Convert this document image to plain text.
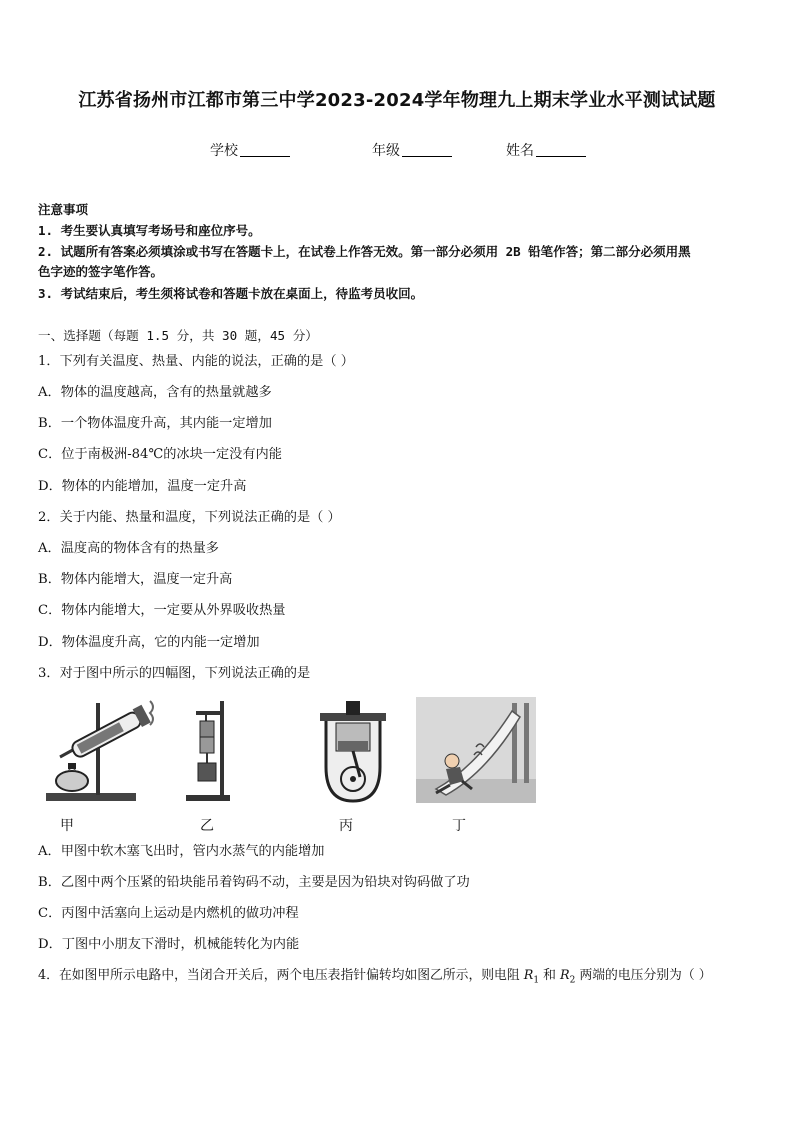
江苏省扬州市江都市第三中学2023-2024学年物理九上期末学业水平测试试题
学校	年级	姓名
注意事项
1. 考生要认真填写考场号和座位序号。
2. 试题所有答案必须填涂或书写在答题卡上，在试卷上作答无效。第一部分必须用 2B 铅笔作答；第二部分必须用黑
色字迹的签字笔作答。
3. 考试结束后，考生须将试卷和答题卡放在桌面上，待监考员收回。
一、选择题（每题 1.5 分，共 30 题，45 分）
1．下列有关温度、热量、内能的说法，正确的是（ ）
A．物体的温度越高，含有的热量就越多
B．一个物体温度升高，其内能一定增加
C．位于南极洲-84℃的冰块一定没有内能
D．物体的内能增加，温度一定升高
2．关于内能、热量和温度，下列说法正确的是（ ）
A．温度高的物体含有的热量多
B．物体内能增大，温度一定升高
C．物体内能增大，一定要从外界吸收热量
D．物体温度升高，它的内能一定增加
3．对于图中所示的四幅图，下列说法正确的是
甲	乙	丙	丁
A．甲图中软木塞飞出时，管内水蒸气的内能增加
B．乙图中两个压紧的铅块能吊着钩码不动，主要是因为铅块对钩码做了功
C．丙图中活塞向上运动是内燃机的做功冲程
D．丁图中小朋友下滑时，机械能转化为内能
4．在如图甲所示电路中，当闭合开关后，两个电压表指针偏转均如图乙所示，则电阻 $R_1$ 和 $R_2$ 两端的电压分别为（ ）
